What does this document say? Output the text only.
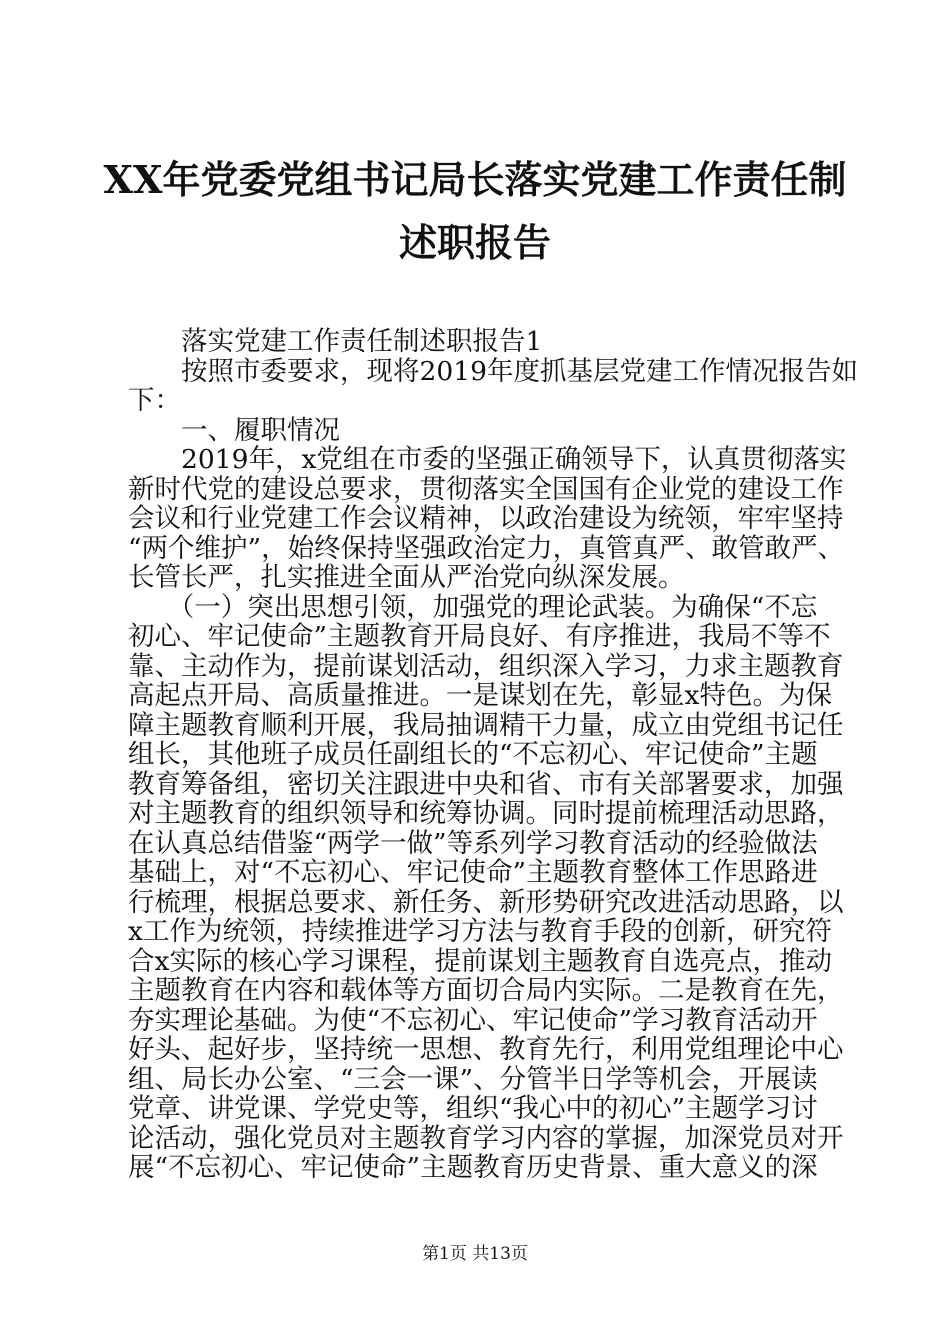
XX年党委党组书记局长落实党建工作责任制
述职报告

　　落实党建工作责任制述职报告1

　　按照市委要求，现将2019年度抓基层党建工作情况报告如

下：

　　一、履职情况

　　2019年，x党组在市委的坚强正确领导下，认真贯彻落实

新时代党的建设总要求，贯彻落实全国国有企业党的建设工作

会议和行业党建工作会议精神，以政治建设为统领，牢牢坚持

“两个维护”，始终保持坚强政治定力，真管真严、敢管敢严、

长管长严，扎实推进全面从严治党向纵深发展。

　　（一）突出思想引领，加强党的理论武装。为确保“不忘

初心、牢记使命”主题教育开局良好、有序推进，我局不等不

靠、主动作为，提前谋划活动，组织深入学习，力求主题教育

高起点开局、高质量推进。一是谋划在先，彰显x特色。为保

障主题教育顺利开展，我局抽调精干力量，成立由党组书记任

组长，其他班子成员任副组长的“不忘初心、牢记使命”主题

教育筹备组，密切关注跟进中央和省、市有关部署要求，加强

对主题教育的组织领导和统筹协调。同时提前梳理活动思路，

在认真总结借鉴“两学一做”等系列学习教育活动的经验做法

基础上，对“不忘初心、牢记使命”主题教育整体工作思路进

行梳理，根据总要求、新任务、新形势研究改进活动思路，以

x工作为统领，持续推进学习方法与教育手段的创新，研究符

合x实际的核心学习课程，提前谋划主题教育自选亮点，推动

主题教育在内容和载体等方面切合局内实际。二是教育在先，

夯实理论基础。为使“不忘初心、牢记使命”学习教育活动开

好头、起好步，坚持统一思想、教育先行，利用党组理论中心

组、局长办公室、“三会一课”、分管半日学等机会，开展读

党章、讲党课、学党史等，组织“我心中的初心”主题学习讨

论活动，强化党员对主题教育学习内容的掌握，加深党员对开

展“不忘初心、牢记使命”主题教育历史背景、重大意义的深

第1页 共13页
